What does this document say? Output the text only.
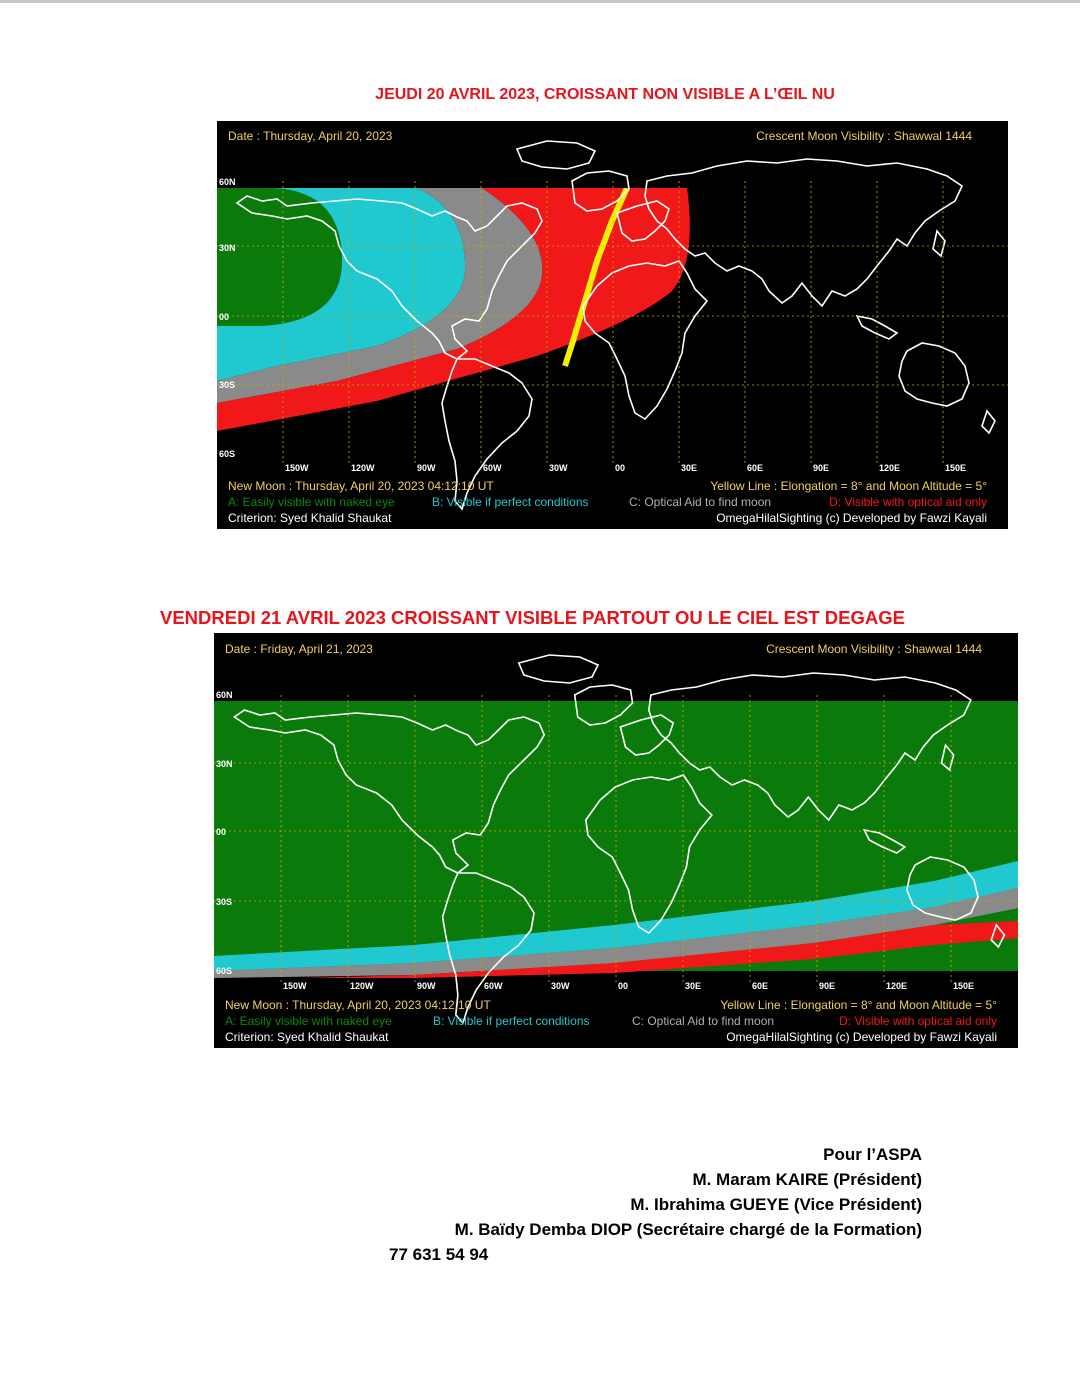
JEUDI 20 AVRIL 2023, CROISSANT NON VISIBLE A L’ŒIL NU
60N
30N
00
30S
60S
150W	120W	90W	60W	30W	00	30E	60E	90E	120E	150E
Date : Thursday, April 20, 2023	Crescent Moon Visibility : Shawwal 1444
New Moon : Thursday, April 20, 2023 04:12:10 UT	Yellow Line : Elongation = 8° and Moon Altitude = 5°
A: Easily visible with naked eye	B: Visible if perfect conditions	C: Optical Aid to find moon	D: Visible with optical aid only
Criterion: Syed Khalid Shaukat	OmegaHilalSighting (c) Developed by Fawzi Kayali
VENDREDI 21 AVRIL 2023 CROISSANT VISIBLE PARTOUT OU LE CIEL EST DEGAGE
60N
30N
00
30S
60S
150W	120W	90W	60W	30W	00	30E	60E	90E	120E	150E
Date : Friday, April 21, 2023	Crescent Moon Visibility : Shawwal 1444
New Moon : Thursday, April 20, 2023 04:12:10 UT	Yellow Line : Elongation = 8° and Moon Altitude = 5°
A: Easily visible with naked eye	B: Visible if perfect conditions	C: Optical Aid to find moon	D: Visible with optical aid only
Criterion: Syed Khalid Shaukat	OmegaHilalSighting (c) Developed by Fawzi Kayali
Pour l’ASPA
M. Maram KAIRE (Président)
M. Ibrahima GUEYE (Vice Président)
M. Baïdy Demba DIOP (Secrétaire chargé de la Formation)
77 631 54 94
